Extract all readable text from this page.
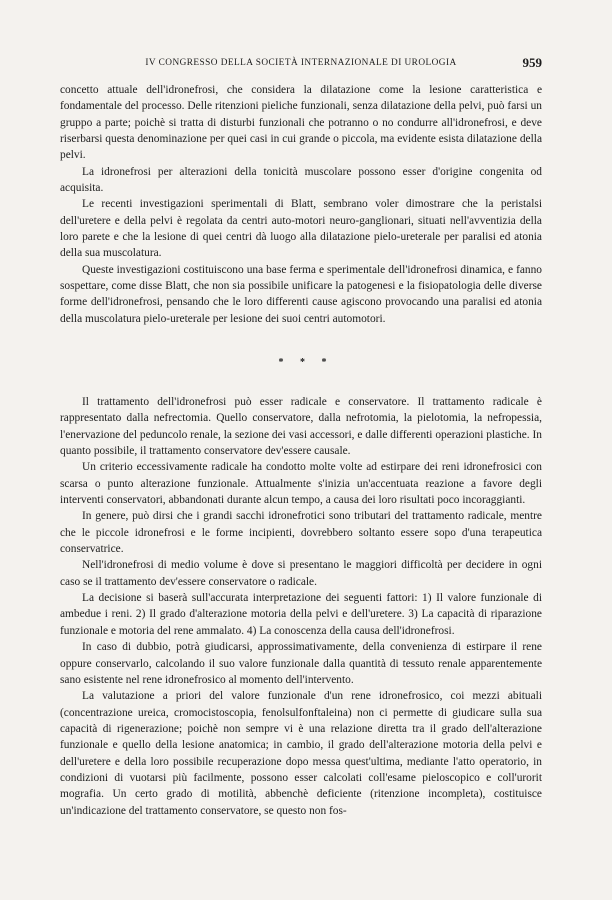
IV CONGRESSO DELLA SOCIETÀ INTERNAZIONALE DI UROLOGIA	959

concetto attuale dell'idronefrosi, che considera la dilatazione come la lesione caratteristica e fondamentale del processo. Delle ritenzioni pieliche funzionali, senza dilatazione della pelvi, può farsi un gruppo a parte; poichè si tratta di disturbi funzionali che potranno o no condurre all'idronefrosi, e deve riserbarsi questa denominazione per quei casi in cui grande o piccola, ma evidente esista dilatazione della pelvi.

La idronefrosi per alterazioni della tonicità muscolare possono esser d'origine congenita od acquisita.

Le recenti investigazioni sperimentali di Blatt, sembrano voler dimostrare che la peristalsi dell'uretere e della pelvi è regolata da centri auto-motori neuro-ganglionari, situati nell'avventizia della loro parete e che la lesione di quei centri dà luogo alla dilatazione pielo-ureterale per paralisi ed atonia della sua muscolatura.

Queste investigazioni costituiscono una base ferma e sperimentale dell'idronefrosi dinamica, e fanno sospettare, come disse Blatt, che non sia possibile unificare la patogenesi e la fisiopatologia delle diverse forme dell'idronefrosi, pensando che le loro differenti cause agiscono provocando una paralisi ed atonia della muscolatura pielo-ureterale per lesione dei suoi centri automotori.

* * *

Il trattamento dell'idronefrosi può esser radicale e conservatore. Il trattamento radicale è rappresentato dalla nefrectomia. Quello conservatore, dalla nefrotomia, la pielotomia, la nefropessia, l'enervazione del peduncolo renale, la sezione dei vasi accessori, e dalle differenti operazioni plastiche. In quanto possibile, il trattamento conservatore dev'essere causale.

Un criterio eccessivamente radicale ha condotto molte volte ad estirpare dei reni idronefrosici con scarsa o punto alterazione funzionale. Attualmente s'inizia un'accentuata reazione a favore degli interventi conservatori, abbandonati durante alcun tempo, a causa dei loro risultati poco incoraggianti.

In genere, può dirsi che i grandi sacchi idronefrotici sono tributari del trattamento radicale, mentre che le piccole idronefrosi e le forme incipienti, dovrebbero soltanto essere sopo d'una terapeutica conservatrice.

Nell'idronefrosi di medio volume è dove si presentano le maggiori difficoltà per decidere in ogni caso se il trattamento dev'essere conservatore o radicale.

La decisione si baserà sull'accurata interpretazione dei seguenti fattori: 1) Il valore funzionale di ambedue i reni. 2) Il grado d'alterazione motoria della pelvi e dell'uretere. 3) La capacità di riparazione funzionale e motoria del rene ammalato. 4) La conoscenza della causa dell'idronefrosi.

In caso di dubbio, potrà giudicarsi, approssimativamente, della convenienza di estirpare il rene oppure conservarlo, calcolando il suo valore funzionale dalla quantità di tessuto renale apparentemente sano esistente nel rene idronefrosico al momento dell'intervento.

La valutazione a priori del valore funzionale d'un rene idronefrosico, coi mezzi abituali (concentrazione ureica, cromocistoscopia, fenolsulfonftaleina) non ci permette di giudicare sulla sua capacità di rigenerazione; poichè non sempre vi è una relazione diretta tra il grado dell'alterazione funzionale e quello della lesione anatomica; in cambio, il grado dell'alterazione motoria della pelvi e dell'uretere e della loro possibile recuperazione dopo messa quest'ultima, mediante l'atto operatorio, in condizioni di vuotarsi più facilmente, possono esser calcolati coll'esame pieloscopico e coll'urorit mografia. Un certo grado di motilità, abbenchè deficiente (ritenzione incompleta), costituisce un'indicazione del trattamento conservatore, se questo non fos-
